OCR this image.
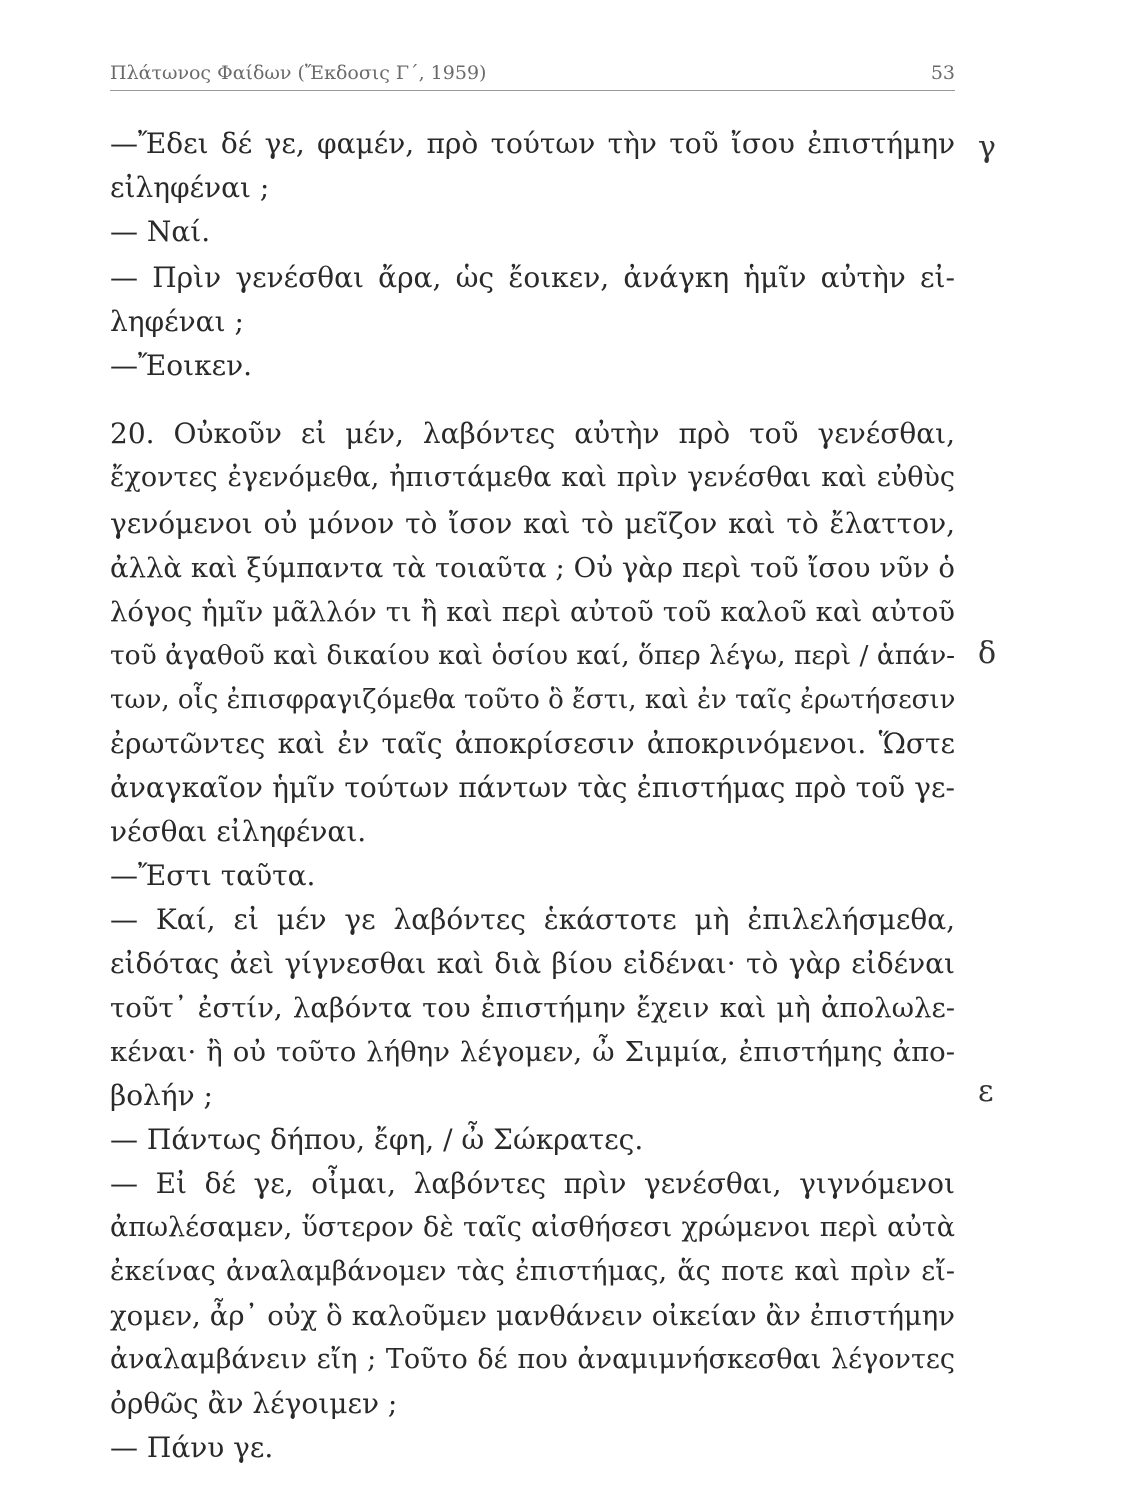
Πλάτωνος Φαίδων (Ἔκδοσις Γ΄, 1959)	53
—Ἔδει δέ γε, φαμέν, πρὸ τούτων τὴν τοῦ ἴσου ἐπιστήμην
εἰληφέναι ;
— Ναί.
— Πρὶν γενέσθαι ἄρα, ὡς ἔοικεν, ἀνάγκη ἡμῖν αὐτὴν εἰ-
ληφέναι ;
—Ἔοικεν.
20. Οὐκοῦν εἰ μέν, λαβόντες αὐτὴν πρὸ τοῦ γενέσθαι,
ἔχοντες ἐγενόμεθα, ἠπιστάμεθα καὶ πρὶν γενέσθαι καὶ εὐθὺς
γενόμενοι οὐ μόνον τὸ ἴσον καὶ τὸ μεῖζον καὶ τὸ ἔλαττον,
ἀλλὰ καὶ ξύμπαντα τὰ τοιαῦτα ; Οὐ γὰρ περὶ τοῦ ἴσου νῦν ὁ
λόγος ἡμῖν μᾶλλόν τι ἢ καὶ περὶ αὐτοῦ τοῦ καλοῦ καὶ αὐτοῦ
τοῦ ἀγαθοῦ καὶ δικαίου καὶ ὁσίου καί, ὅπερ λέγω, περὶ / ἁπάν-
των, οἷς ἐπισφραγιζόμεθα τοῦτο ὃ ἔστι, καὶ ἐν ταῖς ἐρωτήσεσιν
ἐρωτῶντες καὶ ἐν ταῖς ἀποκρίσεσιν ἀποκρινόμενοι. Ὥστε
ἀναγκαῖον ἡμῖν τούτων πάντων τὰς ἐπιστήμας πρὸ τοῦ γε-
νέσθαι εἰληφέναι.
—Ἔστι ταῦτα.
— Καί, εἰ μέν γε λαβόντες ἑκάστοτε μὴ ἐπιλελήσμεθα,
εἰδότας ἀεὶ γίγνεσθαι καὶ διὰ βίου εἰδέναι· τὸ γὰρ εἰδέναι
τοῦτ᾽ ἐστίν, λαβόντα του ἐπιστήμην ἔχειν καὶ μὴ ἀπολωλε-
κέναι· ἢ οὐ τοῦτο λήθην λέγομεν, ὦ Σιμμία, ἐπιστήμης ἀπο-
βολήν ;
— Πάντως δήπου, ἔφη, / ὦ Σώκρατες.
— Εἰ δέ γε, οἶμαι, λαβόντες πρὶν γενέσθαι, γιγνόμενοι
ἀπωλέσαμεν, ὕστερον δὲ ταῖς αἰσθήσεσι χρώμενοι περὶ αὐτὰ
ἐκείνας ἀναλαμβάνομεν τὰς ἐπιστήμας, ἅς ποτε καὶ πρὶν εἴ-
χομεν, ἆρ᾽ οὐχ ὃ καλοῦμεν μανθάνειν οἰκείαν ἂν ἐπιστήμην
ἀναλαμβάνειν εἴη ; Τοῦτο δέ που ἀναμιμνήσκεσθαι λέγοντες
ὀρθῶς ἂν λέγοιμεν ;
— Πάνυ γε.
γ
δ
ε
